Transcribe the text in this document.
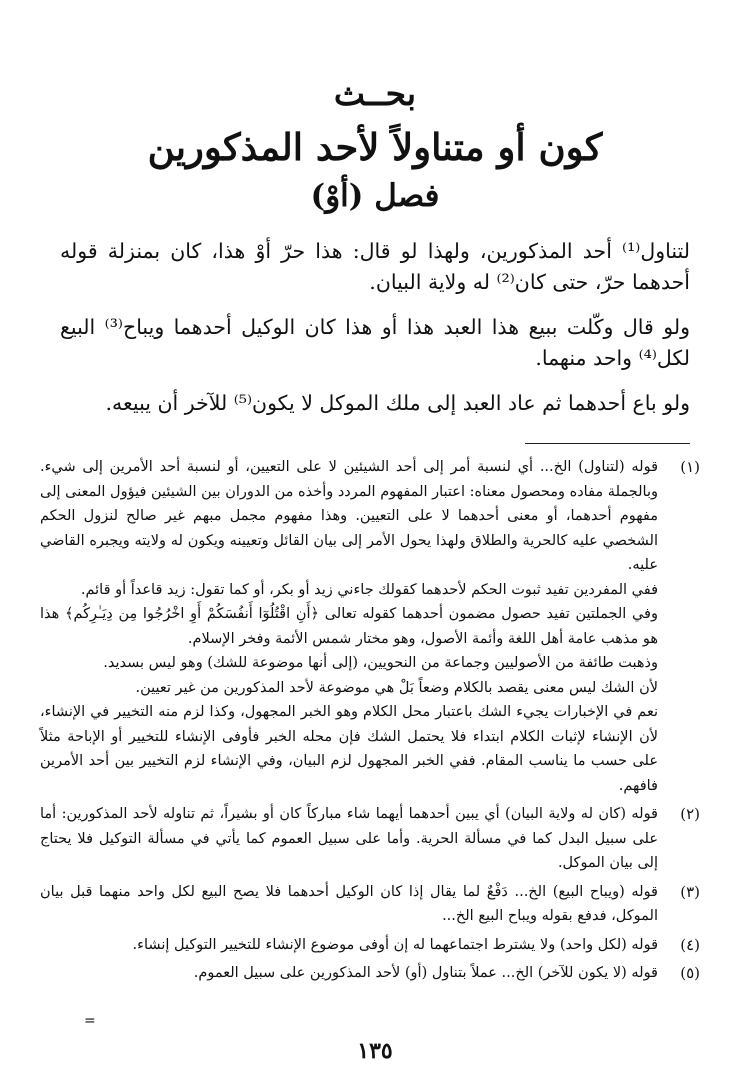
بحــث
كون أو متناولاً لأحد المذكورين
فصل (أوْ)

لتناول⁽¹⁾ أحد المذكورين، ولهذا لو قال: هذا حرّ أوْ هذا، كان بمنزلة قوله أحدهما حرّ، حتى كان⁽²⁾ له ولاية البيان.

ولو قال وكّلت ببيع هذا العبد هذا أو هذا كان الوكيل أحدهما ويباح⁽³⁾ البيع لكل⁽⁴⁾ واحد منهما.

ولو باع أحدهما ثم عاد العبد إلى ملك الموكل لا يكون⁽⁵⁾ للآخر أن يبيعه.

(١)

قوله (لتناول) الخ... أي لنسبة أمر إلى أحد الشيئين لا على التعيين، أو لنسبة أحد الأمرين إلى شيء. وبالجملة مفاده ومحصول معناه: اعتبار المفهوم المردد وأخذه من الدوران بين الشيئين فيؤول المعنى إلى مفهوم أحدهما، أو معنى أحدهما لا على التعيين. وهذا مفهوم مجمل مبهم غير صالح لنزول الحكم الشخصي عليه كالحرية والطلاق ولهذا يحول الأمر إلى بيان القائل وتعيينه ويكون له ولايته ويجبره القاضي عليه.

ففي المفردين تفيد ثبوت الحكم لأحدهما كقولك جاءني زيد أو بكر، أو كما تقول: زيد قاعداً أو قائم.

وفي الجملتين تفيد حصول مضمون أحدهما كقوله تعالى ﴿أَنِ اقْتُلُوٓا أَنفُسَكُمْ أَوِ اخْرُجُوا مِن دِيَـٰرِكُم﴾ هذا هو مذهب عامة أهل اللغة وأئمة الأصول، وهو مختار شمس الأئمة وفخر الإسلام.

وذهبت طائفة من الأصوليين وجماعة من النحويين، (إلى أنها موضوعة للشك) وهو ليس بسديد.

لأن الشك ليس معنى يقصد بالكلام وضعاً بَلْ هي موضوعة لأحد المذكورين من غير تعيين.

نعم في الإخبارات يجيء الشك باعتبار محل الكلام وهو الخبر المجهول، وكذا لزم منه التخيير في الإنشاء، لأن الإنشاء لإثبات الكلام ابتداء فلا يحتمل الشك فإن محله الخبر فأوفى الإنشاء للتخيير أو الإباحة مثلاً على حسب ما يناسب المقام. ففي الخبر المجهول لزم البيان، وفي الإنشاء لزم التخيير بين أحد الأمرين فافهم.

(٢)

قوله (كان له ولاية البيان) أي يبين أحدهما أيهما شاء مباركاً كان أو بشيراً، ثم تناوله لأحد المذكورين: أما على سبيل البدل كما في مسألة الحرية. وأما على سبيل العموم كما يأتي في مسألة التوكيل فلا يحتاج إلى بيان الموكل.

(٣)

قوله (ويباح البيع) الخ... دَفْعٌ لما يقال إذا كان الوكيل أحدهما فلا يصح البيع لكل واحد منهما قبل بيان الموكل، فدفع بقوله ويباح البيع الخ...

(٤)

قوله (لكل واحد) ولا يشترط اجتماعهما له إن أوفى موضوع الإنشاء للتخيير التوكيل إنشاء.

(٥)

قوله (لا يكون للآخر) الخ... عملاً بتناول (أو) لأحد المذكورين على سبيل العموم.

=
١٣٥
